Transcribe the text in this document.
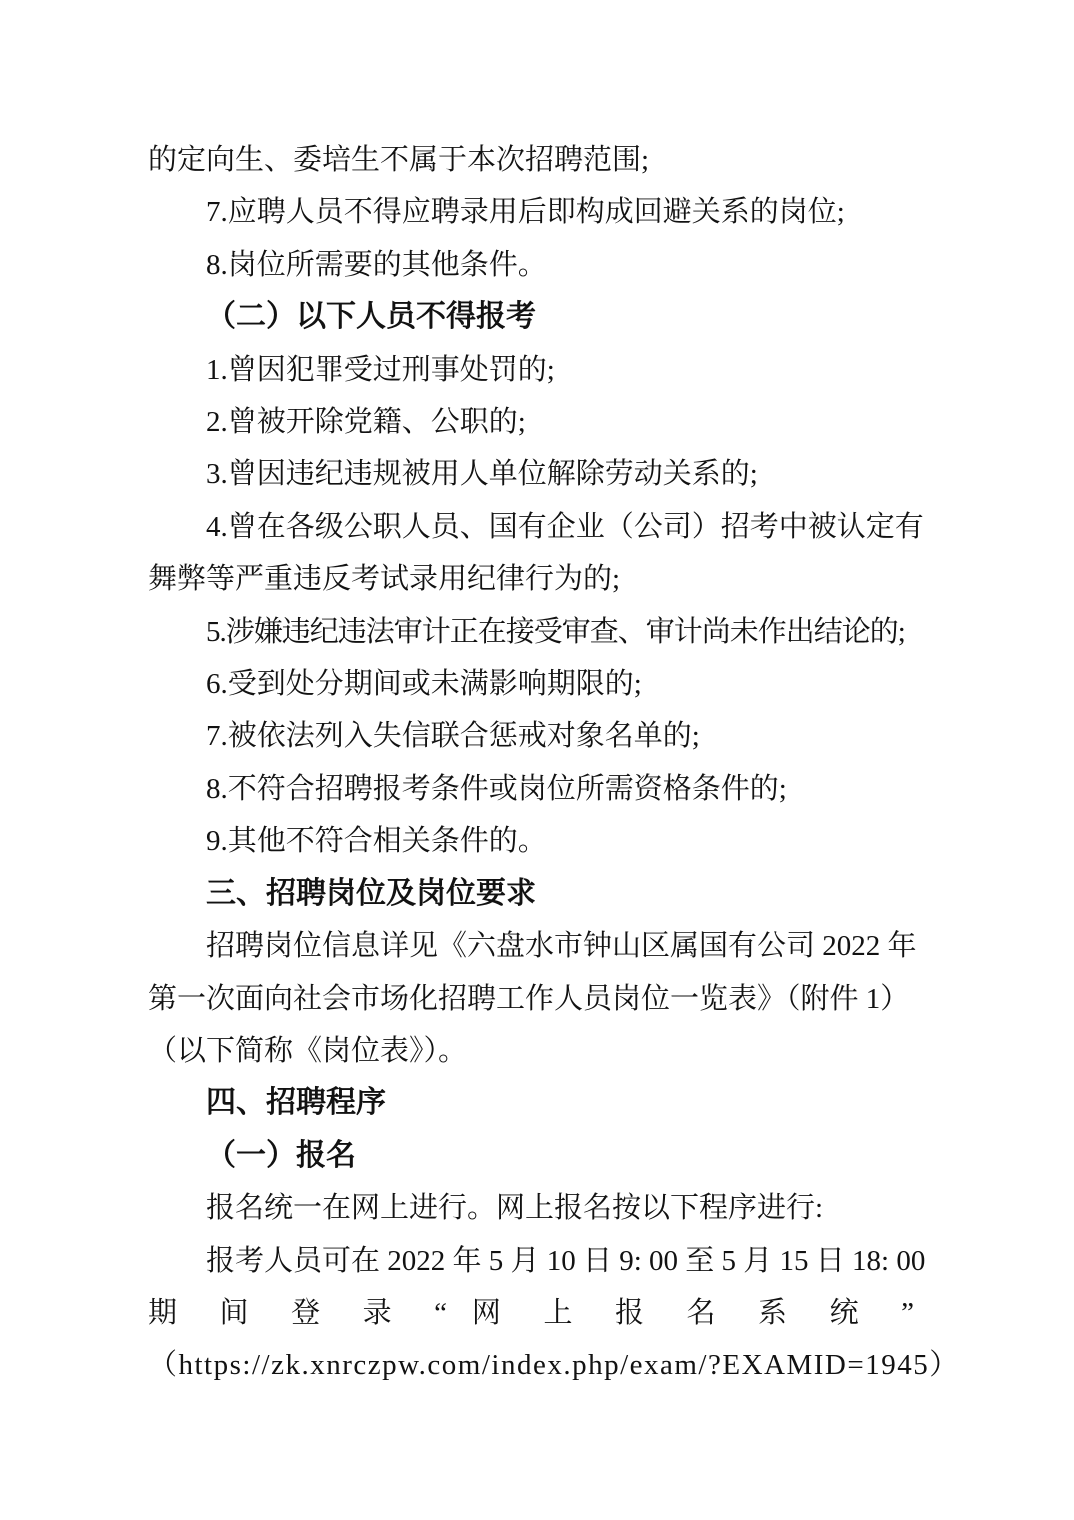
的定向生、委培生不属于本次招聘范围;
7.应聘人员不得应聘录用后即构成回避关系的岗位;
8.岗位所需要的其他条件。
（二）以下人员不得报考
1.曾因犯罪受过刑事处罚的;
2.曾被开除党籍、公职的;
3.曾因违纪违规被用人单位解除劳动关系的;
4.曾在各级公职人员、国有企业（公司）招考中被认定有
舞弊等严重违反考试录用纪律行为的;
5.涉嫌违纪违法审计正在接受审查、审计尚未作出结论的;
6.受到处分期间或未满影响期限的;
7.被依法列入失信联合惩戒对象名单的;
8.不符合招聘报考条件或岗位所需资格条件的;
9.其他不符合相关条件的。
三、招聘岗位及岗位要求
招聘岗位信息详见《六盘水市钟山区属国有公司 2022 年
第一次面向社会市场化招聘工作人员岗位一览表》（附件 1）
（以下简称《岗位表》）。
四、招聘程序
（一）报名
报名统一在网上进行。网上报名按以下程序进行:
报考人员可在 2022 年 5 月 10 日 9: 00 至 5 月 15 日 18: 00
期 间 登 录 “ 网 上 报 名 系 统 ”
（https://zk.xnrczpw.com/index.php/exam/?EXAMID=1945）
